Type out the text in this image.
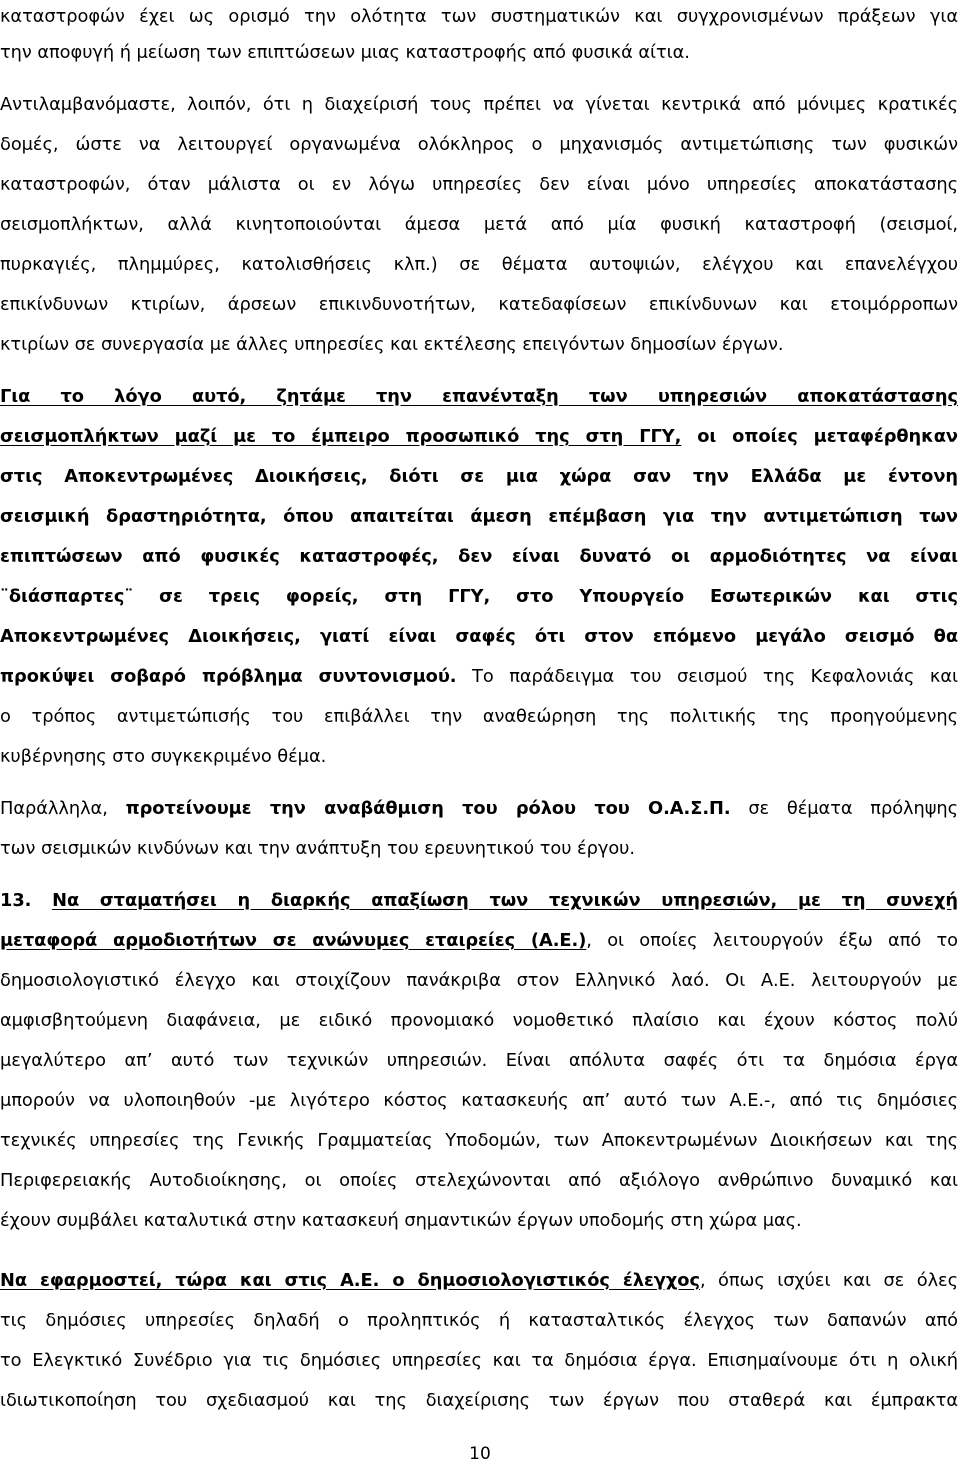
καταστροφών έχει ως ορισμό την ολότητα των συστηματικών και συγχρονισμένων πράξεων για
την αποφυγή ή μείωση των επιπτώσεων μιας καταστροφής από φυσικά αίτια.
Αντιλαμβανόμαστε, λοιπόν, ότι η διαχείρισή τους πρέπει να γίνεται κεντρικά από μόνιμες κρατικές
δομές, ώστε να λειτουργεί οργανωμένα ολόκληρος ο μηχανισμός αντιμετώπισης των φυσικών
καταστροφών, όταν μάλιστα οι εν λόγω υπηρεσίες δεν είναι μόνο υπηρεσίες αποκατάστασης
σεισμοπλήκτων, αλλά κινητοποιούνται άμεσα μετά από μία φυσική καταστροφή (σεισμοί,
πυρκαγιές, πλημμύρες, κατολισθήσεις κλπ.) σε θέματα αυτοψιών, ελέγχου και επανελέγχου
επικίνδυνων κτιρίων, άρσεων επικινδυνοτήτων, κατεδαφίσεων επικίνδυνων και ετοιμόρροπων
κτιρίων σε συνεργασία με άλλες υπηρεσίες και εκτέλεσης επειγόντων δημοσίων έργων.
Για το λόγο αυτό, ζητάμε την επανένταξη των υπηρεσιών αποκατάστασης
σεισμοπλήκτων μαζί με το έμπειρο προσωπικό της στη ΓΓΥ, οι οποίες μεταφέρθηκαν
στις Αποκεντρωμένες Διοικήσεις, διότι σε μια χώρα σαν την Ελλάδα με έντονη
σεισμική δραστηριότητα, όπου απαιτείται άμεση επέμβαση για την αντιμετώπιση των
επιπτώσεων από φυσικές καταστροφές, δεν είναι δυνατό οι αρμοδιότητες να είναι
¨διάσπαρτες¨ σε τρεις φορείς, στη ΓΓΥ, στο Υπουργείο Εσωτερικών και στις
Αποκεντρωμένες Διοικήσεις, γιατί είναι σαφές ότι στον επόμενο μεγάλο σεισμό θα
προκύψει σοβαρό πρόβλημα συντονισμού. Το παράδειγμα του σεισμού της Κεφαλονιάς και
ο τρόπος αντιμετώπισής του επιβάλλει την αναθεώρηση της πολιτικής της προηγούμενης
κυβέρνησης στο συγκεκριμένο θέμα.
Παράλληλα, προτείνουμε την αναβάθμιση του ρόλου του Ο.Α.Σ.Π. σε θέματα πρόληψης
των σεισμικών κινδύνων και την ανάπτυξη του ερευνητικού του έργου.
13. Να σταματήσει η διαρκής απαξίωση των τεχνικών υπηρεσιών, με τη συνεχή
μεταφορά αρμοδιοτήτων σε ανώνυμες εταιρείες (Α.Ε.), οι οποίες λειτουργούν έξω από το
δημοσιολογιστικό έλεγχο και στοιχίζουν πανάκριβα στον Ελληνικό λαό. Οι Α.Ε. λειτουργούν με
αμφισβητούμενη διαφάνεια, με ειδικό προνομιακό νομοθετικό πλαίσιο και έχουν κόστος πολύ
μεγαλύτερο απ’ αυτό των τεχνικών υπηρεσιών. Είναι απόλυτα σαφές ότι τα δημόσια έργα
μπορούν να υλοποιηθούν -με λιγότερο κόστος κατασκευής απ’ αυτό των Α.Ε.-, από τις δημόσιες
τεχνικές υπηρεσίες της Γενικής Γραμματείας Υποδομών, των Αποκεντρωμένων Διοικήσεων και της
Περιφερειακής Αυτοδιοίκησης, οι οποίες στελεχώνονται από αξιόλογο ανθρώπινο δυναμικό και
έχουν συμβάλει καταλυτικά στην κατασκευή σημαντικών έργων υποδομής στη χώρα μας.
Να εφαρμοστεί, τώρα και στις Α.Ε. ο δημοσιολογιστικός έλεγχος, όπως ισχύει και σε όλες
τις δημόσιες υπηρεσίες δηλαδή ο προληπτικός ή κατασταλτικός έλεγχος των δαπανών από
το Ελεγκτικό Συνέδριο για τις δημόσιες υπηρεσίες και τα δημόσια έργα. Επισημαίνουμε ότι η ολική
ιδιωτικοποίηση του σχεδιασμού και της διαχείρισης των έργων που σταθερά και έμπρακτα
10
